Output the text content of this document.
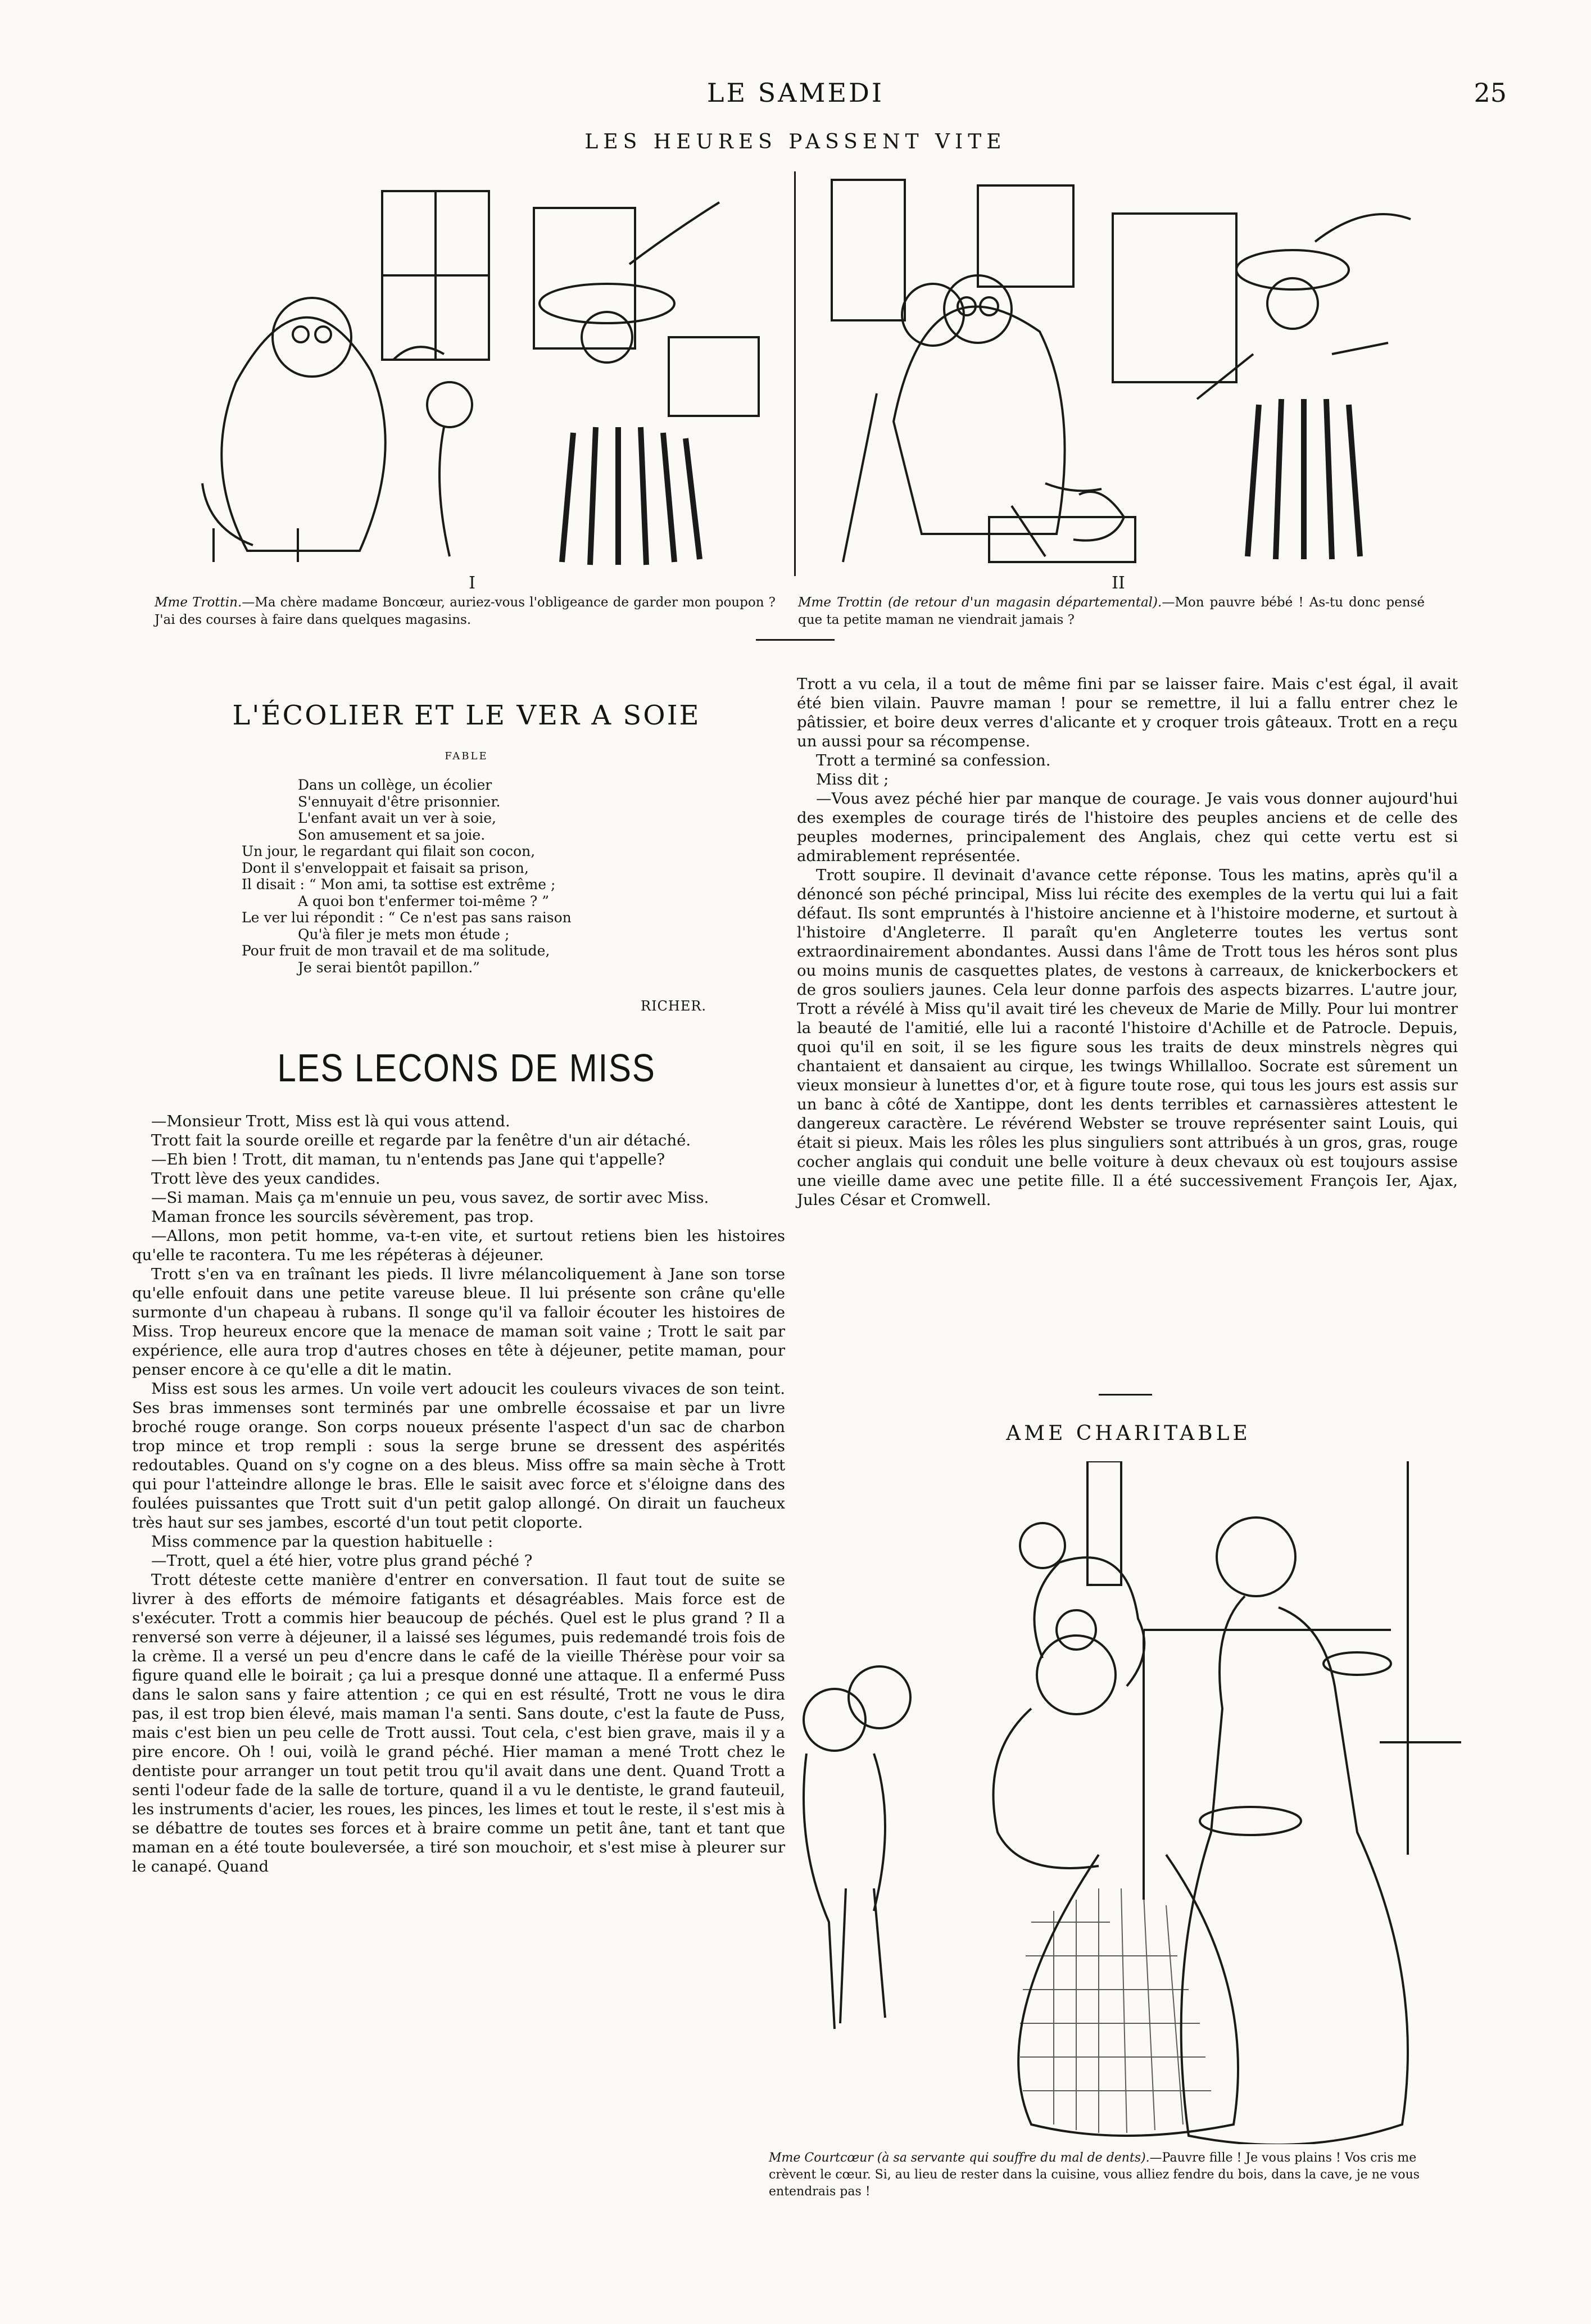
LE SAMEDI	25
LES HEURES PASSENT VITE
I	II
Mme Trottin.—Ma chère madame Boncœur, auriez-vous l'obligeance de garder mon poupon ? J'ai des courses à faire dans quelques magasins.
Mme Trottin (de retour d'un magasin départemental).—Mon pauvre bébé ! As-tu donc pensé que ta petite maman ne viendrait jamais ?
L'ÉCOLIER ET LE VER A SOIE
FABLE
Dans un collège, un écolier
S'ennuyait d'être prisonnier.
L'enfant avait un ver à soie,
Son amusement et sa joie.
Un jour, le regardant qui filait son cocon,
Dont il s'enveloppait et faisait sa prison,
Il disait : “ Mon ami, ta sottise est extrême ;
A quoi bon t'enfermer toi-même ? ”
Le ver lui répondit : “ Ce n'est pas sans raison
Qu'à filer je mets mon étude ;
Pour fruit de mon travail et de ma solitude,
Je serai bientôt papillon.”
RICHER.
LES LECONS DE MISS

—Monsieur Trott, Miss est là qui vous attend.

Trott fait la sourde oreille et regarde par la fenêtre d'un air détaché.

—Eh bien ! Trott, dit maman, tu n'entends pas Jane qui t'appelle?

Trott lève des yeux candides.

—Si maman. Mais ça m'ennuie un peu, vous savez, de sortir avec Miss.

Maman fronce les sourcils sévèrement, pas trop.

—Allons, mon petit homme, va-t-en vite, et surtout retiens bien les histoires qu'elle te racontera. Tu me les répéteras à déjeuner.

Trott s'en va en traînant les pieds. Il livre mélancoliquement à Jane son torse qu'elle enfouit dans une petite vareuse bleue. Il lui présente son crâne qu'elle surmonte d'un chapeau à rubans. Il songe qu'il va falloir écouter les histoires de Miss. Trop heureux encore que la menace de maman soit vaine ; Trott le sait par expérience, elle aura trop d'autres choses en tête à déjeuner, petite maman, pour penser encore à ce qu'elle a dit le matin.

Miss est sous les armes. Un voile vert adoucit les couleurs vivaces de son teint. Ses bras immenses sont terminés par une ombrelle écossaise et par un livre broché rouge orange. Son corps noueux présente l'aspect d'un sac de charbon trop mince et trop rempli : sous la serge brune se dressent des aspérités redoutables. Quand on s'y cogne on a des bleus. Miss offre sa main sèche à Trott qui pour l'atteindre allonge le bras. Elle le saisit avec force et s'éloigne dans des foulées puissantes que Trott suit d'un petit galop allongé. On dirait un faucheux très haut sur ses jambes, escorté d'un tout petit cloporte.

Miss commence par la question habituelle :

—Trott, quel a été hier, votre plus grand péché ?

Trott déteste cette manière d'entrer en conversation. Il faut tout de suite se livrer à des efforts de mémoire fatigants et désagréables. Mais force est de s'exécuter. Trott a commis hier beaucoup de péchés. Quel est le plus grand ? Il a renversé son verre à déjeuner, il a laissé ses légumes, puis redemandé trois fois de la crème. Il a versé un peu d'encre dans le café de la vieille Thérèse pour voir sa figure quand elle le boirait ; ça lui a presque donné une attaque. Il a enfermé Puss dans le salon sans y faire attention ; ce qui en est résulté, Trott ne vous le dira pas, il est trop bien élevé, mais maman l'a senti. Sans doute, c'est la faute de Puss, mais c'est bien un peu celle de Trott aussi. Tout cela, c'est bien grave, mais il y a pire encore. Oh ! oui, voilà le grand péché. Hier maman a mené Trott chez le dentiste pour arranger un tout petit trou qu'il avait dans une dent. Quand Trott a senti l'odeur fade de la salle de torture, quand il a vu le dentiste, le grand fauteuil, les instruments d'acier, les roues, les pinces, les limes et tout le reste, il s'est mis à se débattre de toutes ses forces et à braire comme un petit âne, tant et tant que maman en a été toute bouleversée, a tiré son mouchoir, et s'est mise à pleurer sur le canapé. Quand

Trott a vu cela, il a tout de même fini par se laisser faire. Mais c'est égal, il avait été bien vilain. Pauvre maman ! pour se remettre, il lui a fallu entrer chez le pâtissier, et boire deux verres d'alicante et y croquer trois gâteaux. Trott en a reçu un aussi pour sa récompense.

Trott a terminé sa confession.

Miss dit ;

—Vous avez péché hier par manque de courage. Je vais vous donner aujourd'hui des exemples de courage tirés de l'histoire des peuples anciens et de celle des peuples modernes, principalement des Anglais, chez qui cette vertu est si admirablement représentée.

Trott soupire. Il devinait d'avance cette réponse. Tous les matins, après qu'il a dénoncé son péché principal, Miss lui récite des exemples de la vertu qui lui a fait défaut. Ils sont empruntés à l'histoire ancienne et à l'histoire moderne, et surtout à l'histoire d'Angleterre. Il paraît qu'en Angleterre toutes les vertus sont extraordinairement abondantes. Aussi dans l'âme de Trott tous les héros sont plus ou moins munis de casquettes plates, de vestons à carreaux, de knickerbockers et de gros souliers jaunes. Cela leur donne parfois des aspects bizarres. L'autre jour, Trott a révélé à Miss qu'il avait tiré les cheveux de Marie de Milly. Pour lui montrer la beauté de l'amitié, elle lui a raconté l'histoire d'Achille et de Patrocle. Depuis, quoi qu'il en soit, il se les figure sous les traits de deux minstrels nègres qui chantaient et dansaient au cirque, les twings Whillalloo. Socrate est sûrement un vieux monsieur à lunettes d'or, et à figure toute rose, qui tous les jours est assis sur un banc à côté de Xantippe, dont les dents terribles et carnassières attestent le dangereux caractère. Le révérend Webster se trouve représenter saint Louis, qui était si pieux. Mais les rôles les plus singuliers sont attribués à un gros, gras, rouge cocher anglais qui conduit une belle voiture à deux chevaux où est toujours assise une vieille dame avec une petite fille. Il a été successivement François Ier, Ajax, Jules César et Cromwell.

AME CHARITABLE
Mme Courtcœur (à sa servante qui souffre du mal de dents).—Pauvre fille ! Je vous plains ! Vos cris me crèvent le cœur. Si, au lieu de rester dans la cuisine, vous alliez fendre du bois, dans la cave, je ne vous entendrais pas !
